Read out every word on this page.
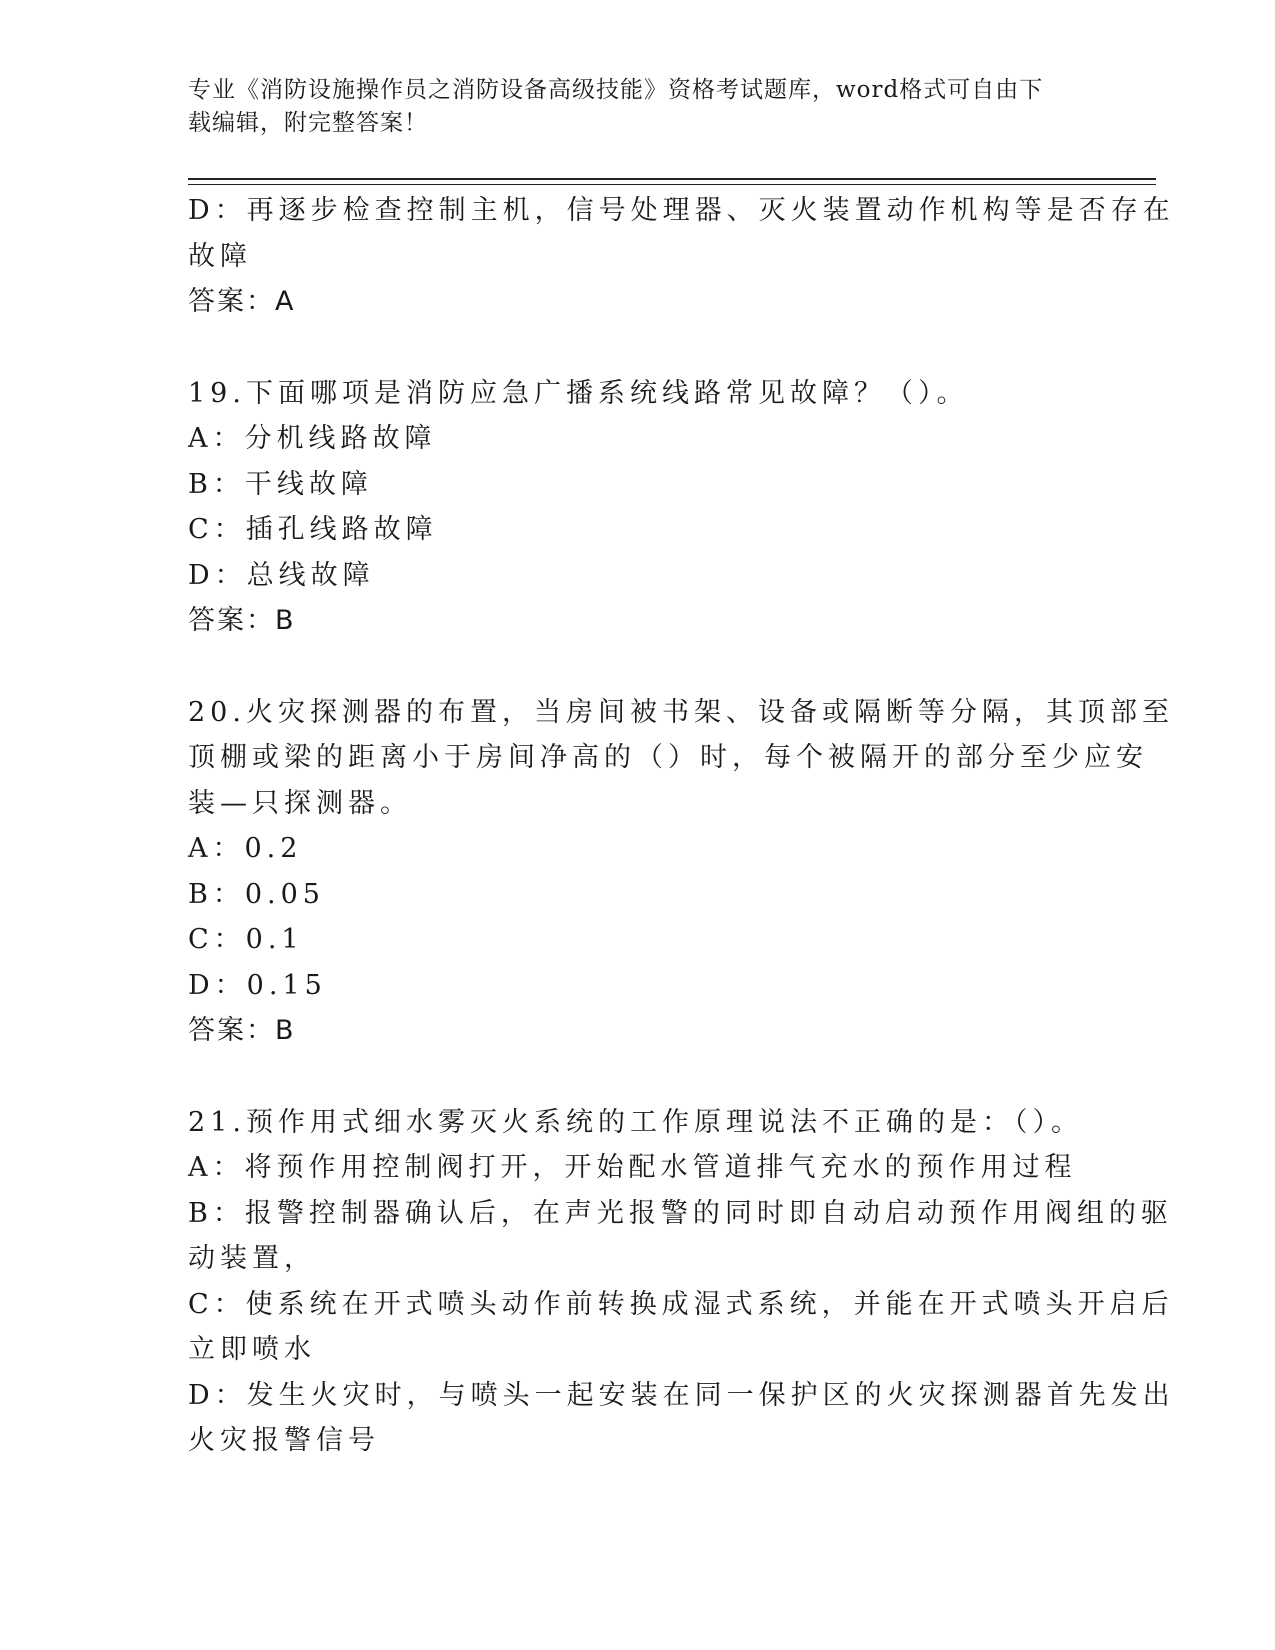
专业《消防设施操作员之消防设备高级技能》资格考试题库，word格式可自由下
载编辑，附完整答案！
D：再逐步检查控制主机，信号处理器、灭火装置动作机构等是否存在
故障
答案：A
19.下面哪项是消防应急广播系统线路常见故障？（）。
A：分机线路故障
B：干线故障
C：插孔线路故障
D：总线故障
答案：B
20.火灾探测器的布置，当房间被书架、设备或隔断等分隔，其顶部至
顶棚或梁的距离小于房间净高的（）时，每个被隔开的部分至少应安
装—只探测器。
A：0.2
B：0.05
C：0.1
D：0.15
答案：B
21.预作用式细水雾灭火系统的工作原理说法不正确的是：（）。
A：将预作用控制阀打开，开始配水管道排气充水的预作用过程
B：报警控制器确认后，在声光报警的同时即自动启动预作用阀组的驱
动装置，
C：使系统在开式喷头动作前转换成湿式系统，并能在开式喷头开启后
立即喷水
D：发生火灾时，与喷头一起安装在同一保护区的火灾探测器首先发出
火灾报警信号
